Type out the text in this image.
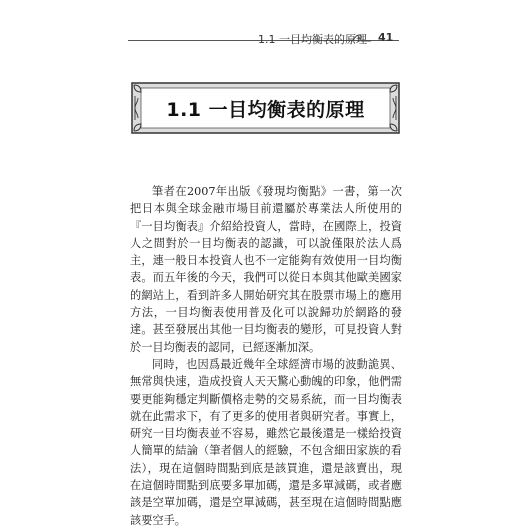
1.1 一目均衡表的原理 41
1.1 一目均衡表的原理

筆者在2007年出版《發現均衡點》一書，第一次把日本與全球金融市場目前還屬於專業法人所使用的『一目均衡表』介紹給投資人，當時，在國際上，投資人之間對於一目均衡表的認識，可以說僅限於法人爲主，連一般日本投資人也不一定能夠有效使用一目均衡表。而五年後的今天，我們可以從日本與其他歐美國家的網站上，看到許多人開始研究其在股票市場上的應用方法，一目均衡表使用普及化可以說歸功於網路的發達。甚至發展出其他一目均衡表的變形，可見投資人對於一目均衡表的認同，已經逐漸加深。

同時，也因爲最近幾年全球經濟市場的波動詭異、無常與快速，造成投資人天天驚心動魄的印象，他們需要更能夠穩定判斷價格走勢的交易系統，而一目均衡表就在此需求下，有了更多的使用者與研究者。事實上，研究一目均衡表並不容易，雖然它最後還是一樣給投資人簡單的結論（筆者個人的經驗，不包含細田家族的看法），現在這個時間點到底是該買進，還是該賣出，現在這個時間點到底要多單加碼，還是多單減碼，或者應該是空單加碼，還是空單減碼，甚至現在這個時間點應該要空手。
